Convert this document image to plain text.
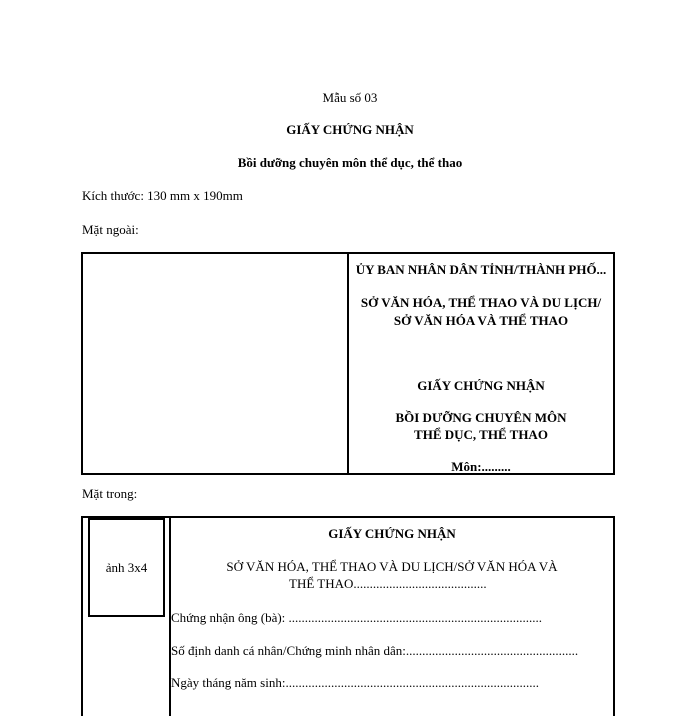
Mẫu số 03
GIẤY CHỨNG NHẬN
Bồi dưỡng chuyên môn thể dục, thể thao
Kích thước: 130 mm x 190mm
Mặt ngoài:
ỦY BAN NHÂN DÂN TỈNH/THÀNH PHỐ...
SỞ VĂN HÓA, THỂ THAO VÀ DU LỊCH/
SỞ VĂN HÓA VÀ THỂ THAO
GIẤY CHỨNG NHẬN
BỒI DƯỠNG CHUYÊN MÔN
THỂ DỤC, THỂ THAO
Môn:.........
Mặt trong:
ảnh 3x4
GIẤY CHỨNG NHẬN
SỞ VĂN HÓA, THỂ THAO VÀ DU LỊCH/SỞ VĂN HÓA VÀ
THỂ THAO.........................................
Chứng nhận ông (bà): ..............................................................................
Số định danh cá nhân/Chứng minh nhân dân:.....................................................
Ngày tháng năm sinh:..............................................................................
